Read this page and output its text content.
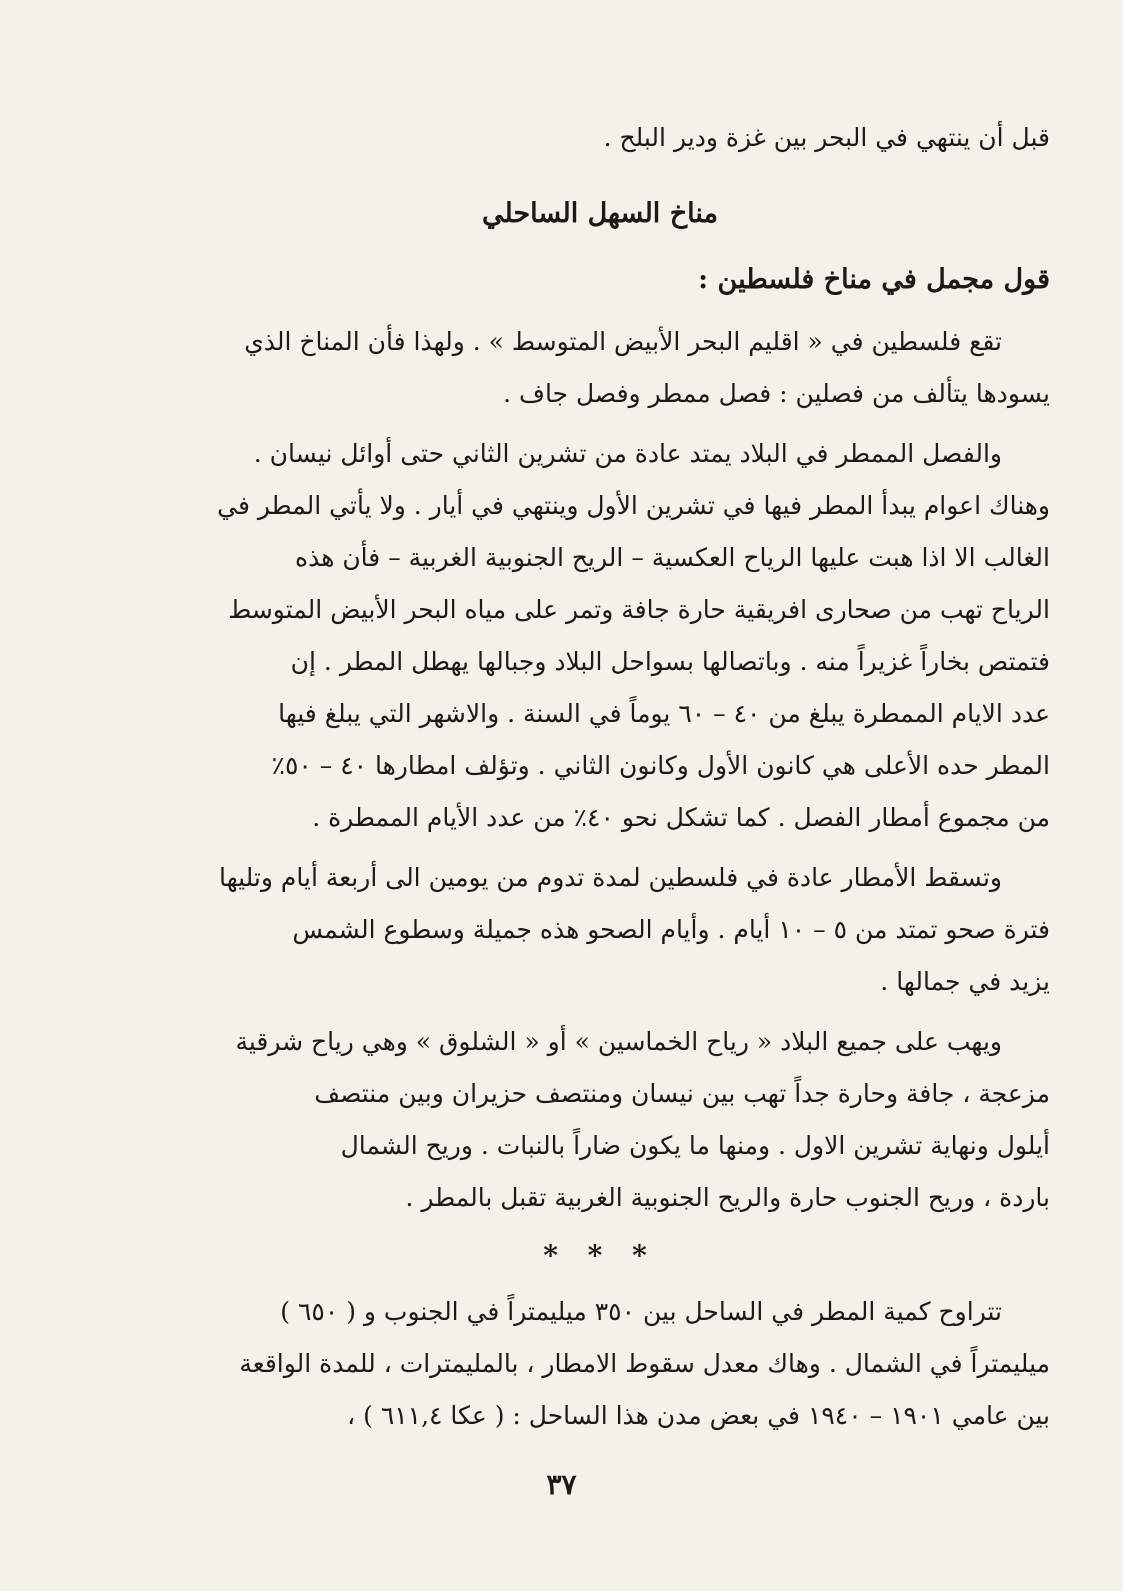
قبل أن ينتهي في البحر بين غزة ودير البلح .
مناخ السهل الساحلي
قول مجمل في مناخ فلسطين :
تقع فلسطين في « اقليم البحر الأبيض المتوسط » . ولهذا فأن المناخ الذي
يسودها يتألف من فصلين : فصل ممطر وفصل جاف .
والفصل الممطر في البلاد يمتد عادة من تشرين الثاني حتى أوائل نيسان .
وهناك اعوام يبدأ المطر فيها في تشرين الأول وينتهي في أيار . ولا يأتي المطر في
الغالب الا اذا هبت عليها الرياح العكسية – الريح الجنوبية الغربية – فأن هذه
الرياح تهب من صحارى افريقية حارة جافة وتمر على مياه البحر الأبيض المتوسط
فتمتص بخاراً غزيراً منه . وباتصالها بسواحل البلاد وجبالها يهطل المطر . إن
عدد الايام الممطرة يبلغ من ٤٠ – ٦٠ يوماً في السنة . والاشهر التي يبلغ فيها
المطر حده الأعلى هي كانون الأول وكانون الثاني . وتؤلف امطارها ٤٠ – ٥٠٪
من مجموع أمطار الفصل . كما تشكل نحو ٤٠٪ من عدد الأيام الممطرة .
وتسقط الأمطار عادة في فلسطين لمدة تدوم من يومين الى أربعة أيام وتليها
فترة صحو تمتد من ٥ – ١٠ أيام . وأيام الصحو هذه جميلة وسطوع الشمس
يزيد في جمالها .
ويهب على جميع البلاد « رياح الخماسين » أو « الشلوق » وهي رياح شرقية
مزعجة ، جافة وحارة جداً تهب بين نيسان ومنتصف حزيران وبين منتصف
أيلول ونهاية تشرين الاول . ومنها ما يكون ضاراً بالنبات . وريح الشمال
باردة ، وريح الجنوب حارة والريح الجنوبية الغربية تقبل بالمطر .
* * *
تتراوح كمية المطر في الساحل بين ٣٥٠ ميليمتراً في الجنوب و ( ٦٥٠ )
ميليمتراً في الشمال . وهاك معدل سقوط الامطار ، بالمليمترات ، للمدة الواقعة
بين عامي ١٩٠١ – ١٩٤٠ في بعض مدن هذا الساحل : ( عكا ٦١١,٤ ) ،
٣٧
